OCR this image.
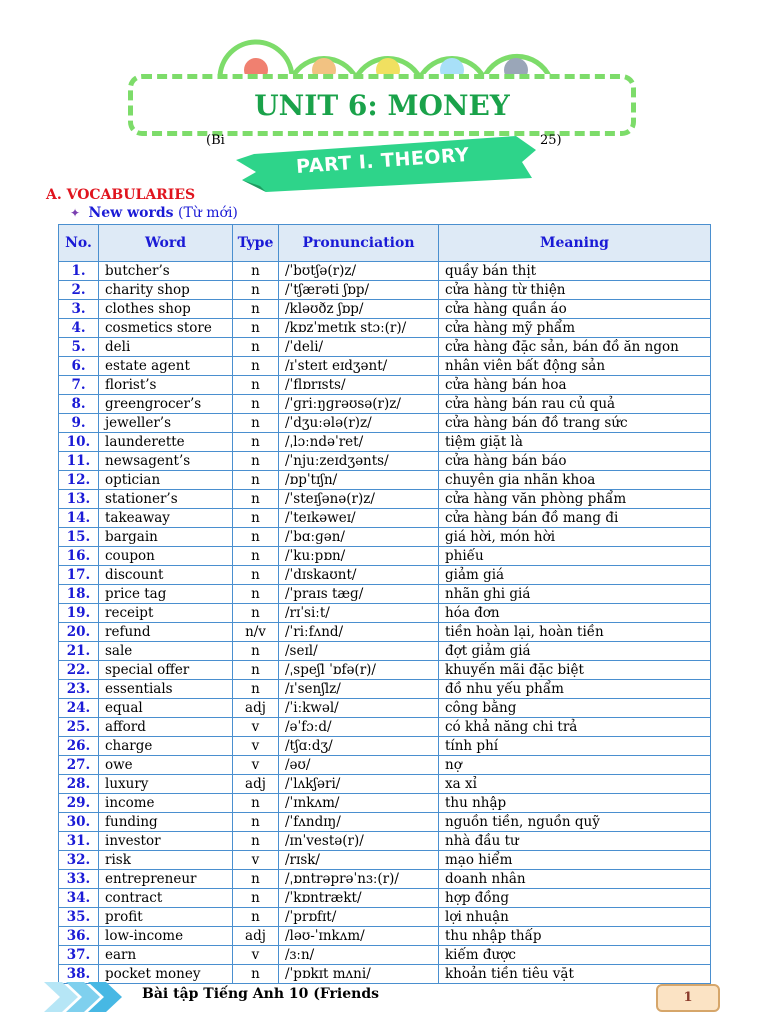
UNIT 6: MONEY
(Bi	25)
PART I. THEORY
A. VOCABULARIES
✦ New words (Từ mới)
No.	Word	Type	Pronunciation	Meaning
1.	butcher’s	n	/ˈbʊtʃə(r)z/	quầy bán thịt
2.	charity shop	n	/ˈtʃærəti ʃɒp/	cửa hàng từ thiện
3.	clothes shop	n	/kləʊðz ʃɒp/	cửa hàng quần áo
4.	cosmetics store	n	/kɒzˈmetɪk stɔː(r)/	cửa hàng mỹ phẩm
5.	deli	n	/ˈdeli/	cửa hàng đặc sản, bán đồ ăn ngon
6.	estate agent	n	/ɪˈsteɪt eɪdʒənt/	nhân viên bất động sản
7.	florist’s	n	/ˈflɒrɪsts/	cửa hàng bán hoa
8.	greengrocer’s	n	/ˈɡriːŋɡrəʊsə(r)z/	cửa hàng bán rau củ quả
9.	jeweller’s	n	/ˈdʒuːələ(r)z/	cửa hàng bán đồ trang sức
10.	launderette	n	/ˌlɔːndəˈret/	tiệm giặt là
11.	newsagent’s	n	/ˈnjuːzeɪdʒənts/	cửa hàng bán báo
12.	optician	n	/ɒpˈtɪʃn/	chuyên gia nhãn khoa
13.	stationer’s	n	/ˈsteɪʃənə(r)z/	cửa hàng văn phòng phẩm
14.	takeaway	n	/ˈteɪkəweɪ/	cửa hàng bán đồ mang đi
15.	bargain	n	/ˈbɑːɡən/	giá hời, món hời
16.	coupon	n	/ˈkuːpɒn/	phiếu
17.	discount	n	/ˈdɪskaʊnt/	giảm giá
18.	price tag	n	/ˈpraɪs tæɡ/	nhãn ghi giá
19.	receipt	n	/rɪˈsiːt/	hóa đơn
20.	refund	n/v	/ˈriːfʌnd/	tiền hoàn lại, hoàn tiền
21.	sale	n	/seɪl/	đợt giảm giá
22.	special offer	n	/ˌspeʃl ˈɒfə(r)/	khuyến mãi đặc biệt
23.	essentials	n	/ɪˈsenʃlz/	đồ nhu yếu phẩm
24.	equal	adj	/ˈiːkwəl/	công bằng
25.	afford	v	/əˈfɔːd/	có khả năng chi trả
26.	charge	v	/tʃɑːdʒ/	tính phí
27.	owe	v	/əʊ/	nợ
28.	luxury	adj	/ˈlʌkʃəri/	xa xỉ
29.	income	n	/ˈɪnkʌm/	thu nhập
30.	funding	n	/ˈfʌndɪŋ/	nguồn tiền, nguồn quỹ
31.	investor	n	/ɪnˈvestə(r)/	nhà đầu tư
32.	risk	v	/rɪsk/	mạo hiểm
33.	entrepreneur	n	/ˌɒntrəprəˈnɜː(r)/	doanh nhân
34.	contract	n	/ˈkɒntrækt/	hợp đồng
35.	profit	n	/ˈprɒfɪt/	lợi nhuận
36.	low-income	adj	/ləʊ-ˈɪnkʌm/	thu nhập thấp
37.	earn	v	/ɜːn/	kiếm được
38.	pocket money	n	/ˈpɒkɪt mʌni/	khoản tiền tiêu vặt
Bài tập Tiếng Anh 10 (Friends	1
